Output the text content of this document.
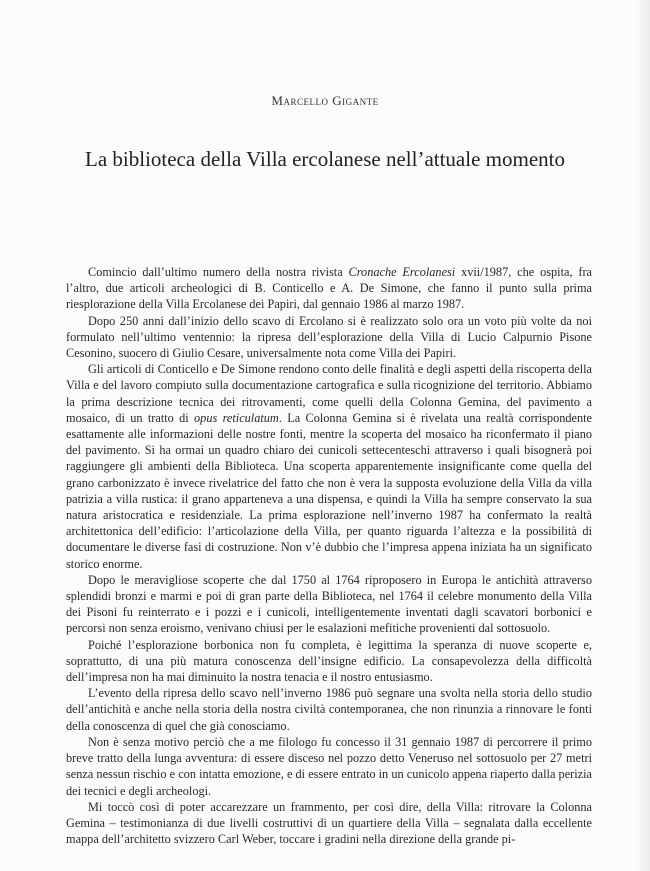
Marcello Gigante
La biblioteca della Villa ercolanese nell’attuale momento

Comincio dall’ultimo numero della nostra rivista Cronache Ercolanesi xvii/1987, che ospita, fra l’altro, due articoli archeologici di B. Conticello e A. De Simone, che fanno il punto sulla prima riesplorazione della Villa Ercolanese dei Papiri, dal gennaio 1986 al marzo 1987.

Dopo 250 anni dall’inizio dello scavo di Ercolano si è realizzato solo ora un voto più volte da noi formulato nell’ultimo ventennio: la ripresa dell’esplorazione della Villa di Lucio Calpurnio Pisone Cesonino, suocero di Giulio Cesare, universalmente nota come Villa dei Papiri.

Gli articoli di Conticello e De Simone rendono conto delle finalità e degli aspetti della riscoperta della Villa e del lavoro compiuto sulla documentazione cartografica e sulla ricognizione del territorio. Abbiamo la prima descrizione tecnica dei ritrovamenti, come quelli della Colonna Gemina, del pavimento a mosaico, di un tratto di opus reticulatum. La Colonna Gemina si è rivelata una realtà corrispondente esattamente alle informazioni delle nostre fonti, mentre la scoperta del mosaico ha riconfermato il piano del pavimento. Si ha ormai un quadro chiaro dei cunicoli settecenteschi attraverso i quali bisognerà poi raggiungere gli ambienti della Biblioteca. Una scoperta apparentemente insignificante come quella del grano carbonizzato è invece rivelatrice del fatto che non è vera la supposta evoluzione della Villa da villa patrizia a villa rustica: il grano apparteneva a una dispensa, e quindi la Villa ha sempre conservato la sua natura aristocratica e residenziale. La prima esplorazione nell’inverno 1987 ha confermato la realtà architettonica dell’edificio: l’articolazione della Villa, per quanto riguarda l’altezza e la possibilità di documentare le diverse fasi di costruzione. Non v’è dubbio che l’impresa appena iniziata ha un significato storico enorme.

Dopo le meravigliose scoperte che dal 1750 al 1764 riproposero in Europa le antichità attraverso splendidi bronzi e marmi e poi di gran parte della Biblioteca, nel 1764 il celebre monumento della Villa dei Pisoni fu reinterrato e i pozzi e i cunicoli, intelligentemente inventati dagli scavatori borbonici e percorsi non senza eroismo, venivano chiusi per le esalazioni mefitiche provenienti dal sottosuolo.

Poiché l’esplorazione borbonica non fu completa, è legittima la speranza di nuove scoperte e, soprattutto, di una più matura conoscenza dell’insigne edificio. La consapevolezza della difficoltà dell’impresa non ha mai diminuito la nostra tenacia e il nostro entusiasmo.

L’evento della ripresa dello scavo nell’inverno 1986 può segnare una svolta nella storia dello studio dell’antichità e anche nella storia della nostra civiltà contemporanea, che non rinunzia a rinnovare le fonti della conoscenza di quel che già conosciamo.

Non è senza motivo perciò che a me filologo fu concesso il 31 gennaio 1987 di percorrere il primo breve tratto della lunga avventura: di essere disceso nel pozzo detto Veneruso nel sottosuolo per 27 metri senza nessun rischio e con intatta emozione, e di essere entrato in un cunicolo appena riaperto dalla perizia dei tecnici e degli archeologi.

Mi toccò così di poter accarezzare un frammento, per così dire, della Villa: ritrovare la Colonna Gemina – testimonianza di due livelli costruttivi di un quartiere della Villa – segnalata dalla eccellente mappa dell’architetto svizzero Carl Weber, toccare i gradini nella direzione della grande pi-
